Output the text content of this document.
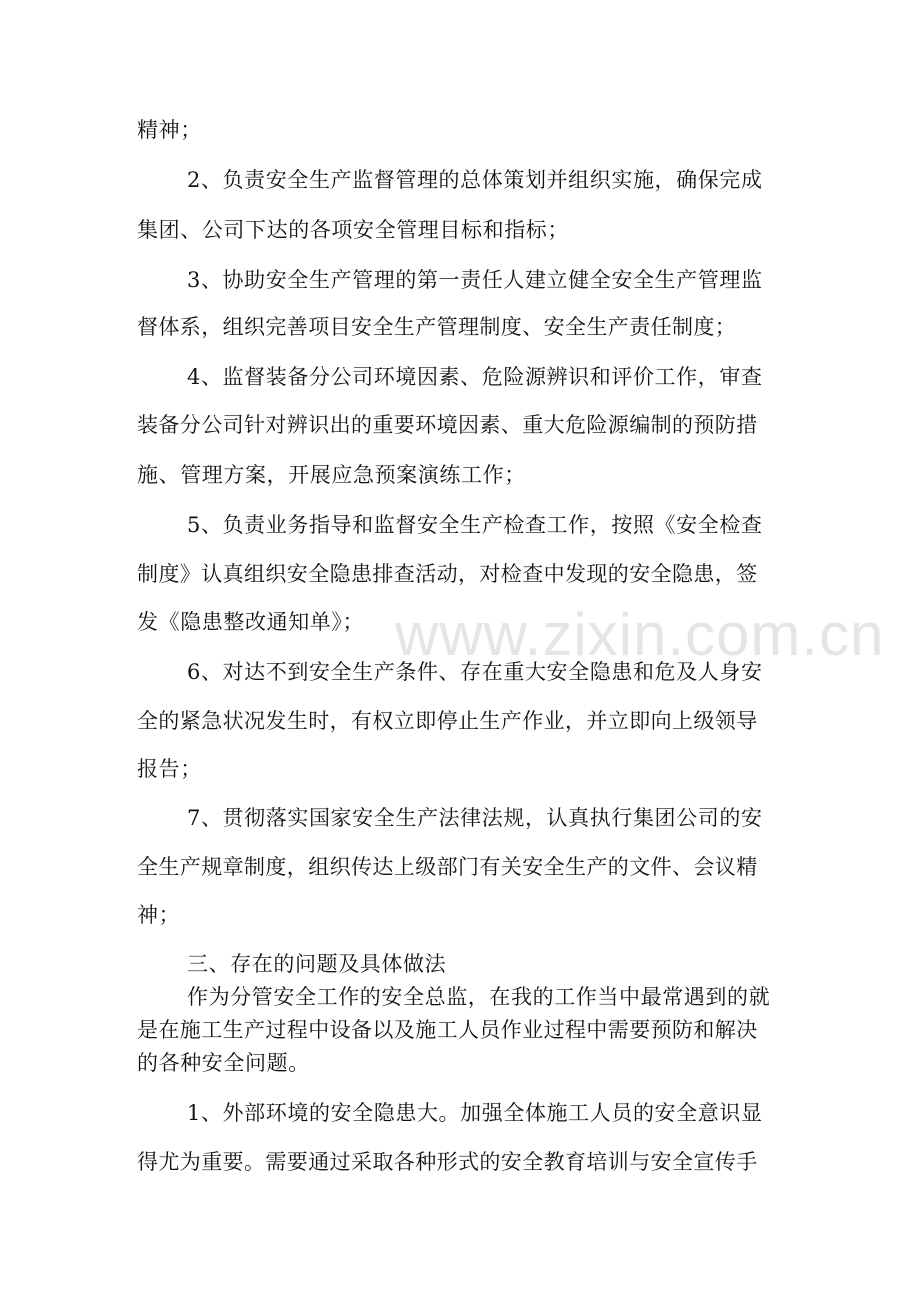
精神；
2、负责安全生产监督管理的总体策划并组织实施，确保完成
集团、公司下达的各项安全管理目标和指标；
3、协助安全生产管理的第一责任人建立健全安全生产管理监
督体系，组织完善项目安全生产管理制度、安全生产责任制度；
4、监督装备分公司环境因素、危险源辨识和评价工作，审查
装备分公司针对辨识出的重要环境因素、重大危险源编制的预防措
施、管理方案，开展应急预案演练工作；
5、负责业务指导和监督安全生产检查工作，按照《安全检查
制度》认真组织安全隐患排查活动，对检查中发现的安全隐患，签
发《隐患整改通知单》；
6、对达不到安全生产条件、存在重大安全隐患和危及人身安
全的紧急状况发生时，有权立即停止生产作业，并立即向上级领导
报告；
7、贯彻落实国家安全生产法律法规，认真执行集团公司的安
全生产规章制度，组织传达上级部门有关安全生产的文件、会议精
神；
三、存在的问题及具体做法
作为分管安全工作的安全总监，在我的工作当中最常遇到的就
是在施工生产过程中设备以及施工人员作业过程中需要预防和解决
的各种安全问题。
1、外部环境的安全隐患大。加强全体施工人员的安全意识显
得尤为重要。需要通过采取各种形式的安全教育培训与安全宣传手
www.zixin.com.cn
